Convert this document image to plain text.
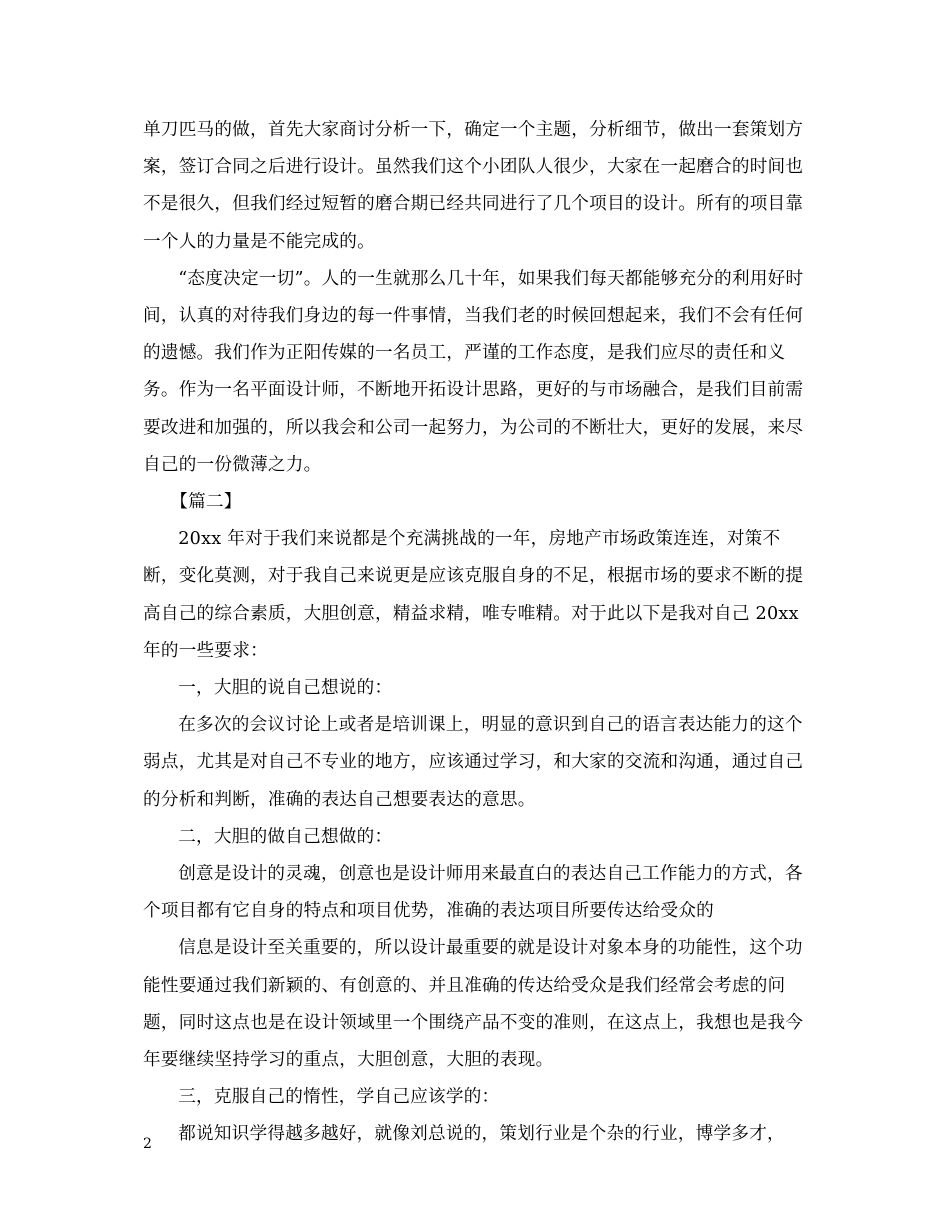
单刀匹马的做，首先大家商讨分析一下，确定一个主题，分析细节，做出一套策划方案，签订合同之后进行设计。虽然我们这个小团队人很少，大家在一起磨合的时间也不是很久，但我们经过短暂的磨合期已经共同进行了几个项目的设计。所有的项目靠一个人的力量是不能完成的。

“态度决定一切”。人的一生就那么几十年，如果我们每天都能够充分的利用好时间，认真的对待我们身边的每一件事情，当我们老的时候回想起来，我们不会有任何的遗憾。我们作为正阳传媒的一名员工，严谨的工作态度，是我们应尽的责任和义务。作为一名平面设计师，不断地开拓设计思路，更好的与市场融合，是我们目前需要改进和加强的，所以我会和公司一起努力，为公司的不断壮大，更好的发展，来尽自己的一份微薄之力。

【篇二】

20xx 年对于我们来说都是个充满挑战的一年，房地产市场政策连连，对策不断，变化莫测，对于我自己来说更是应该克服自身的不足，根据市场的要求不断的提高自己的综合素质，大胆创意，精益求精，唯专唯精。对于此以下是我对自己 20xx 年的一些要求：

一，大胆的说自己想说的：

在多次的会议讨论上或者是培训课上，明显的意识到自己的语言表达能力的这个弱点，尤其是对自己不专业的地方，应该通过学习，和大家的交流和沟通，通过自己的分析和判断，准确的表达自己想要表达的意思。

二，大胆的做自己想做的：

创意是设计的灵魂，创意也是设计师用来最直白的表达自己工作能力的方式，各个项目都有它自身的特点和项目优势，准确的表达项目所要传达给受众的

信息是设计至关重要的，所以设计最重要的就是设计对象本身的功能性，这个功能性要通过我们新颖的、有创意的、并且准确的传达给受众是我们经常会考虑的问题，同时这点也是在设计领域里一个围绕产品不变的准则，在这点上，我想也是我今年要继续坚持学习的重点，大胆创意，大胆的表现。

三，克服自己的惰性，学自己应该学的：

都说知识学得越多越好，就像刘总说的，策划行业是个杂的行业，博学多才，

2
